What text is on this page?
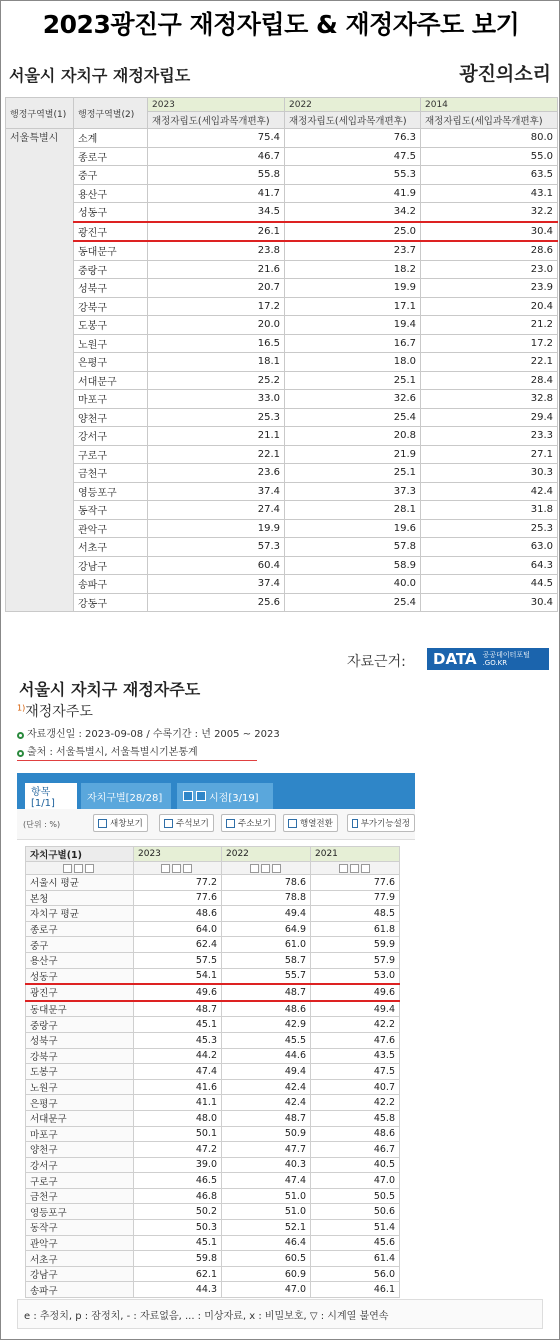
2023광진구 재정자립도 & 재정자주도 보기
서울시 자치구 재정자립도	광진의소리
행정구역별(1)	행정구역별(2)	2023	2022	2014
		재정자립도(세입과목개편후)	재정자립도(세입과목개편후)	재정자립도(세입과목개편후)
서울특별시	소계	75.4	76.3	80.0
	종로구	46.7	47.5	55.0
	중구	55.8	55.3	63.5
	용산구	41.7	41.9	43.1
	성동구	34.5	34.2	32.2
	광진구	26.1	25.0	30.4
	동대문구	23.8	23.7	28.6
	중랑구	21.6	18.2	23.0
	성북구	20.7	19.9	23.9
	강북구	17.2	17.1	20.4
	도봉구	20.0	19.4	21.2
	노원구	16.5	16.7	17.2
	은평구	18.1	18.0	22.1
	서대문구	25.2	25.1	28.4
	마포구	33.0	32.6	32.8
	양천구	25.3	25.4	29.4
	강서구	21.1	20.8	23.3
	구로구	22.1	21.9	27.1
	금천구	23.6	25.1	30.3
	영등포구	37.4	37.3	42.4
	동작구	27.4	28.1	31.8
	관악구	19.9	19.6	25.3
	서초구	57.3	57.8	63.0
	강남구	60.4	58.9	64.3
	송파구	37.4	40.0	44.5
	강동구	25.6	25.4	30.4
자료근거: DATA 공공데이터포털
.GO.KR
서울시 자치구 재정자주도
$^{1)}$재정자주도
자료갱신일 : 2023-09-08 / 수록기간 : 년 2005 ~ 2023
출처 : 서울특별시, 서울특별시기본통계
항목[1/1]	자치구별[28/28]	시점[3/19]
(단위 : %)	새창보기	주석보기	주소보기	행열전환	부가기능설정
자치구별(1)	2023	2022	2021

서울시 평균	77.2	78.6	77.6
본청	77.6	78.8	77.9
자치구 평균	48.6	49.4	48.5
종로구	64.0	64.9	61.8
중구	62.4	61.0	59.9
용산구	57.5	58.7	57.9
성동구	54.1	55.7	53.0
광진구	49.6	48.7	49.6
동대문구	48.7	48.6	49.4
중랑구	45.1	42.9	42.2
성북구	45.3	45.5	47.6
강북구	44.2	44.6	43.5
도봉구	47.4	49.4	47.5
노원구	41.6	42.4	40.7
은평구	41.1	42.4	42.2
서대문구	48.0	48.7	45.8
마포구	50.1	50.9	48.6
양천구	47.2	47.7	46.7
강서구	39.0	40.3	40.5
구로구	46.5	47.4	47.0
금천구	46.8	51.0	50.5
영등포구	50.2	51.0	50.6
동작구	50.3	52.1	51.4
관악구	45.1	46.4	45.6
서초구	59.8	60.5	61.4
강남구	62.1	60.9	56.0
송파구	44.3	47.0	46.1
e : 추정치, p : 잠정치, - : 자료없음, ... : 미상자료, x : 비밀보호, ▽ : 시계열 불연속
